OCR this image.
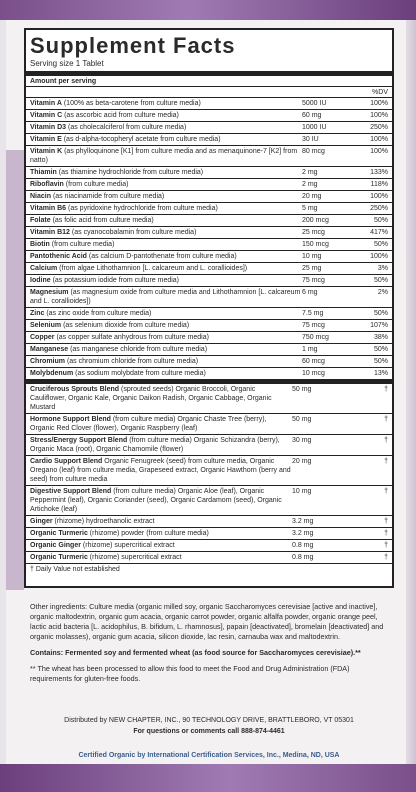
Supplement Facts
Serving size 1 Tablet
Amount per serving
%DV
Vitamin A (100% as beta-carotene from culture media)	5000 IU	100%
Vitamin C (as ascorbic acid from culture media)	60 mg	100%
Vitamin D3 (as cholecalciferol from culture media)	1000 IU	250%
Vitamin E (as d-alpha-tocopheryl acetate from culture media)	30 IU	100%
Vitamin K (as phylloquinone [K1] from culture media and as menaquinone-7 [K2] from natto)
80 mcg	100%
Thiamin (as thiamine hydrochloride from culture media)	2 mg	133%
Riboflavin (from culture media)	2 mg	118%
Niacin (as niacinamide from culture media)	20 mg	100%
Vitamin B6 (as pyridoxine hydrochloride from culture media)	5 mg	250%
Folate (as folic acid from culture media)	200 mcg	50%
Vitamin B12 (as cyanocobalamin from culture media)	25 mcg	417%
Biotin (from culture media)	150 mcg	50%
Pantothenic Acid (as calcium D-pantothenate from culture media)	10 mg	100%
Calcium (from algae Lithothamnion [L. calcareum and L. corallioides])	25 mg	3%
Iodine (as potassium iodide from culture media)	75 mcg	50%
Magnesium (as magnesium oxide from culture media and Lithothamnion [L. calcareum and L. corallioides])
6 mg	2%
Zinc (as zinc oxide from culture media)	7.5 mg	50%
Selenium (as selenium dioxide from culture media)	75 mcg	107%
Copper (as copper sulfate anhydrous from culture media)	750 mcg	38%
Manganese (as manganese chloride from culture media)	1 mg	50%
Chromium (as chromium chloride from culture media)	60 mcg	50%
Molybdenum (as sodium molybdate from culture media)	10 mcg	13%
Cruciferous Sprouts Blend (sprouted seeds) Organic Broccoli, Organic Cauliflower, Organic Kale, Organic Daikon Radish, Organic Cabbage, Organic Mustard
50 mg	†
Hormone Support Blend (from culture media) Organic Chaste Tree (berry), Organic Red Clover (flower), Organic Raspberry (leaf)
50 mg	†
Stress/Energy Support Blend (from culture media) Organic Schizandra (berry), Organic Maca (root), Organic Chamomile (flower)
30 mg	†
Cardio Support Blend Organic Fenugreek (seed) from culture media, Organic Oregano (leaf) from culture media, Grapeseed extract, Organic Hawthorn (berry and seed) from culture media
20 mg	†
Digestive Support Blend (from culture media) Organic Aloe (leaf), Organic Peppermint (leaf), Organic Coriander (seed), Organic Cardamom (seed), Organic Artichoke (leaf)
10 mg	†
Ginger (rhizome) hydroethanolic extract	3.2 mg	†
Organic Turmeric (rhizome) powder (from culture media)	3.2 mg	†
Organic Ginger (rhizome) supercritical extract	0.8 mg	†
Organic Turmeric (rhizome) supercritical extract	0.8 mg	†
† Daily Value not established

Other ingredients: Culture media (organic milled soy, organic Saccharomyces cerevisiae [active and inactive], organic maltodextrin, organic gum acacia, organic carrot powder, organic alfalfa powder, organic orange peel, lactic acid bacteria [L. acidophilus, B. bifidum, L. rhamnosus], papain [deactivated], bromelain [deactivated] and organic molasses), organic gum acacia, silicon dioxide, lac resin, carnauba wax and maltodextrin.

Contains: Fermented soy and fermented wheat (as food source for Saccharomyces cerevisiae).**

** The wheat has been processed to allow this food to meet the Food and Drug Administration (FDA) requirements for gluten-free foods.

Distributed by NEW CHAPTER, INC., 90 TECHNOLOGY DRIVE, BRATTLEBORO, VT 05301
For questions or comments call 888-874-4461
Certified Organic by International Certification Services, Inc., Medina, ND, USA
